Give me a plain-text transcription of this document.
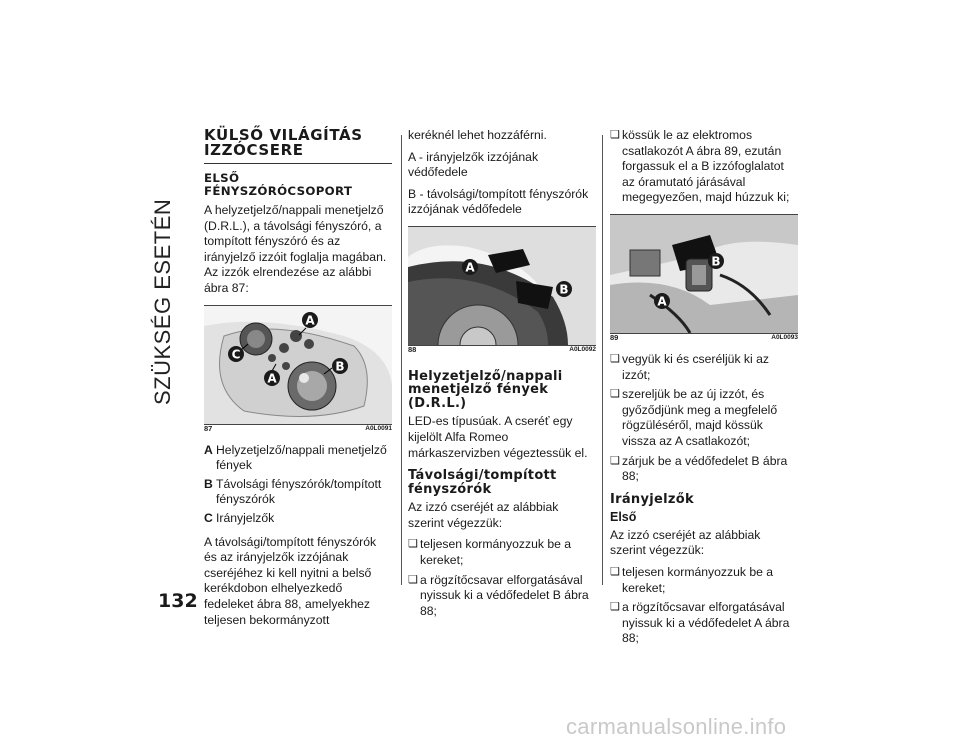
SZÜKSÉG ESETÉN
132
KÜLSŐ VILÁGÍTÁS
IZZÓCSERE
ELSŐ
FÉNYSZÓRÓCSOPORT

A helyzetjelző/nappali menetjelző (D.R.L.), a távolsági fényszóró, a tompított fényszóró és az irányjelző izzóit foglalja magában. Az izzók elrendezése az alábbi ábra 87:

A
C
A
B
87	A0L0091
A Helyzetjelző/nappali menetjelző fények
B Távolsági fényszórók/tompított fényszórók
C Irányjelzők

A távolsági/tompított fényszórók és az irányjelzők izzójának cseréjéhez ki kell nyitni a belső kerékdobon elhelyezkedő fedeleket ábra 88, amelyekhez teljesen bekormányzott

keréknél lehet hozzáférni.

A - irányjelzők izzójának védőfedele

B - távolsági/tompított fényszórók izzójának védőfedele

A
B
88	A0L0092
Helyzetjelző/nappali menetjelző fények (D.R.L.)

LED-es típusúak. A cseréť egy kijelölt Alfa Romeo márkaszervizben végeztessük el.

Távolsági/tompított fényszórók

Az izzó cseréjét az alábbiak szerint végezzük:

❑ teljesen kormányozzuk be a kereket;
❑ a rögzítőcsavar elforgatásával nyissuk ki a védőfedelet B ábra 88;
❑ kössük le az elektromos csatlakozót A ábra 89, ezután forgassuk el a B izzófoglalatot az óramutató járásával megegyezően, majd húzzuk ki;
B
A
89	A0L0093
❑ vegyük ki és cseréljük ki az izzót;
❑ szereljük be az új izzót, és győződjünk meg a megfelelő rögzüléséről, majd kössük vissza az A csatlakozót;
❑ zárjuk be a védőfedelet B ábra 88;
Irányjelzők
Első

Az izzó cseréjét az alábbiak szerint végezzük:

❑ teljesen kormányozzuk be a kereket;
❑ a rögzítőcsavar elforgatásával nyissuk ki a védőfedelet A ábra 88;
carmanualsonline.info
